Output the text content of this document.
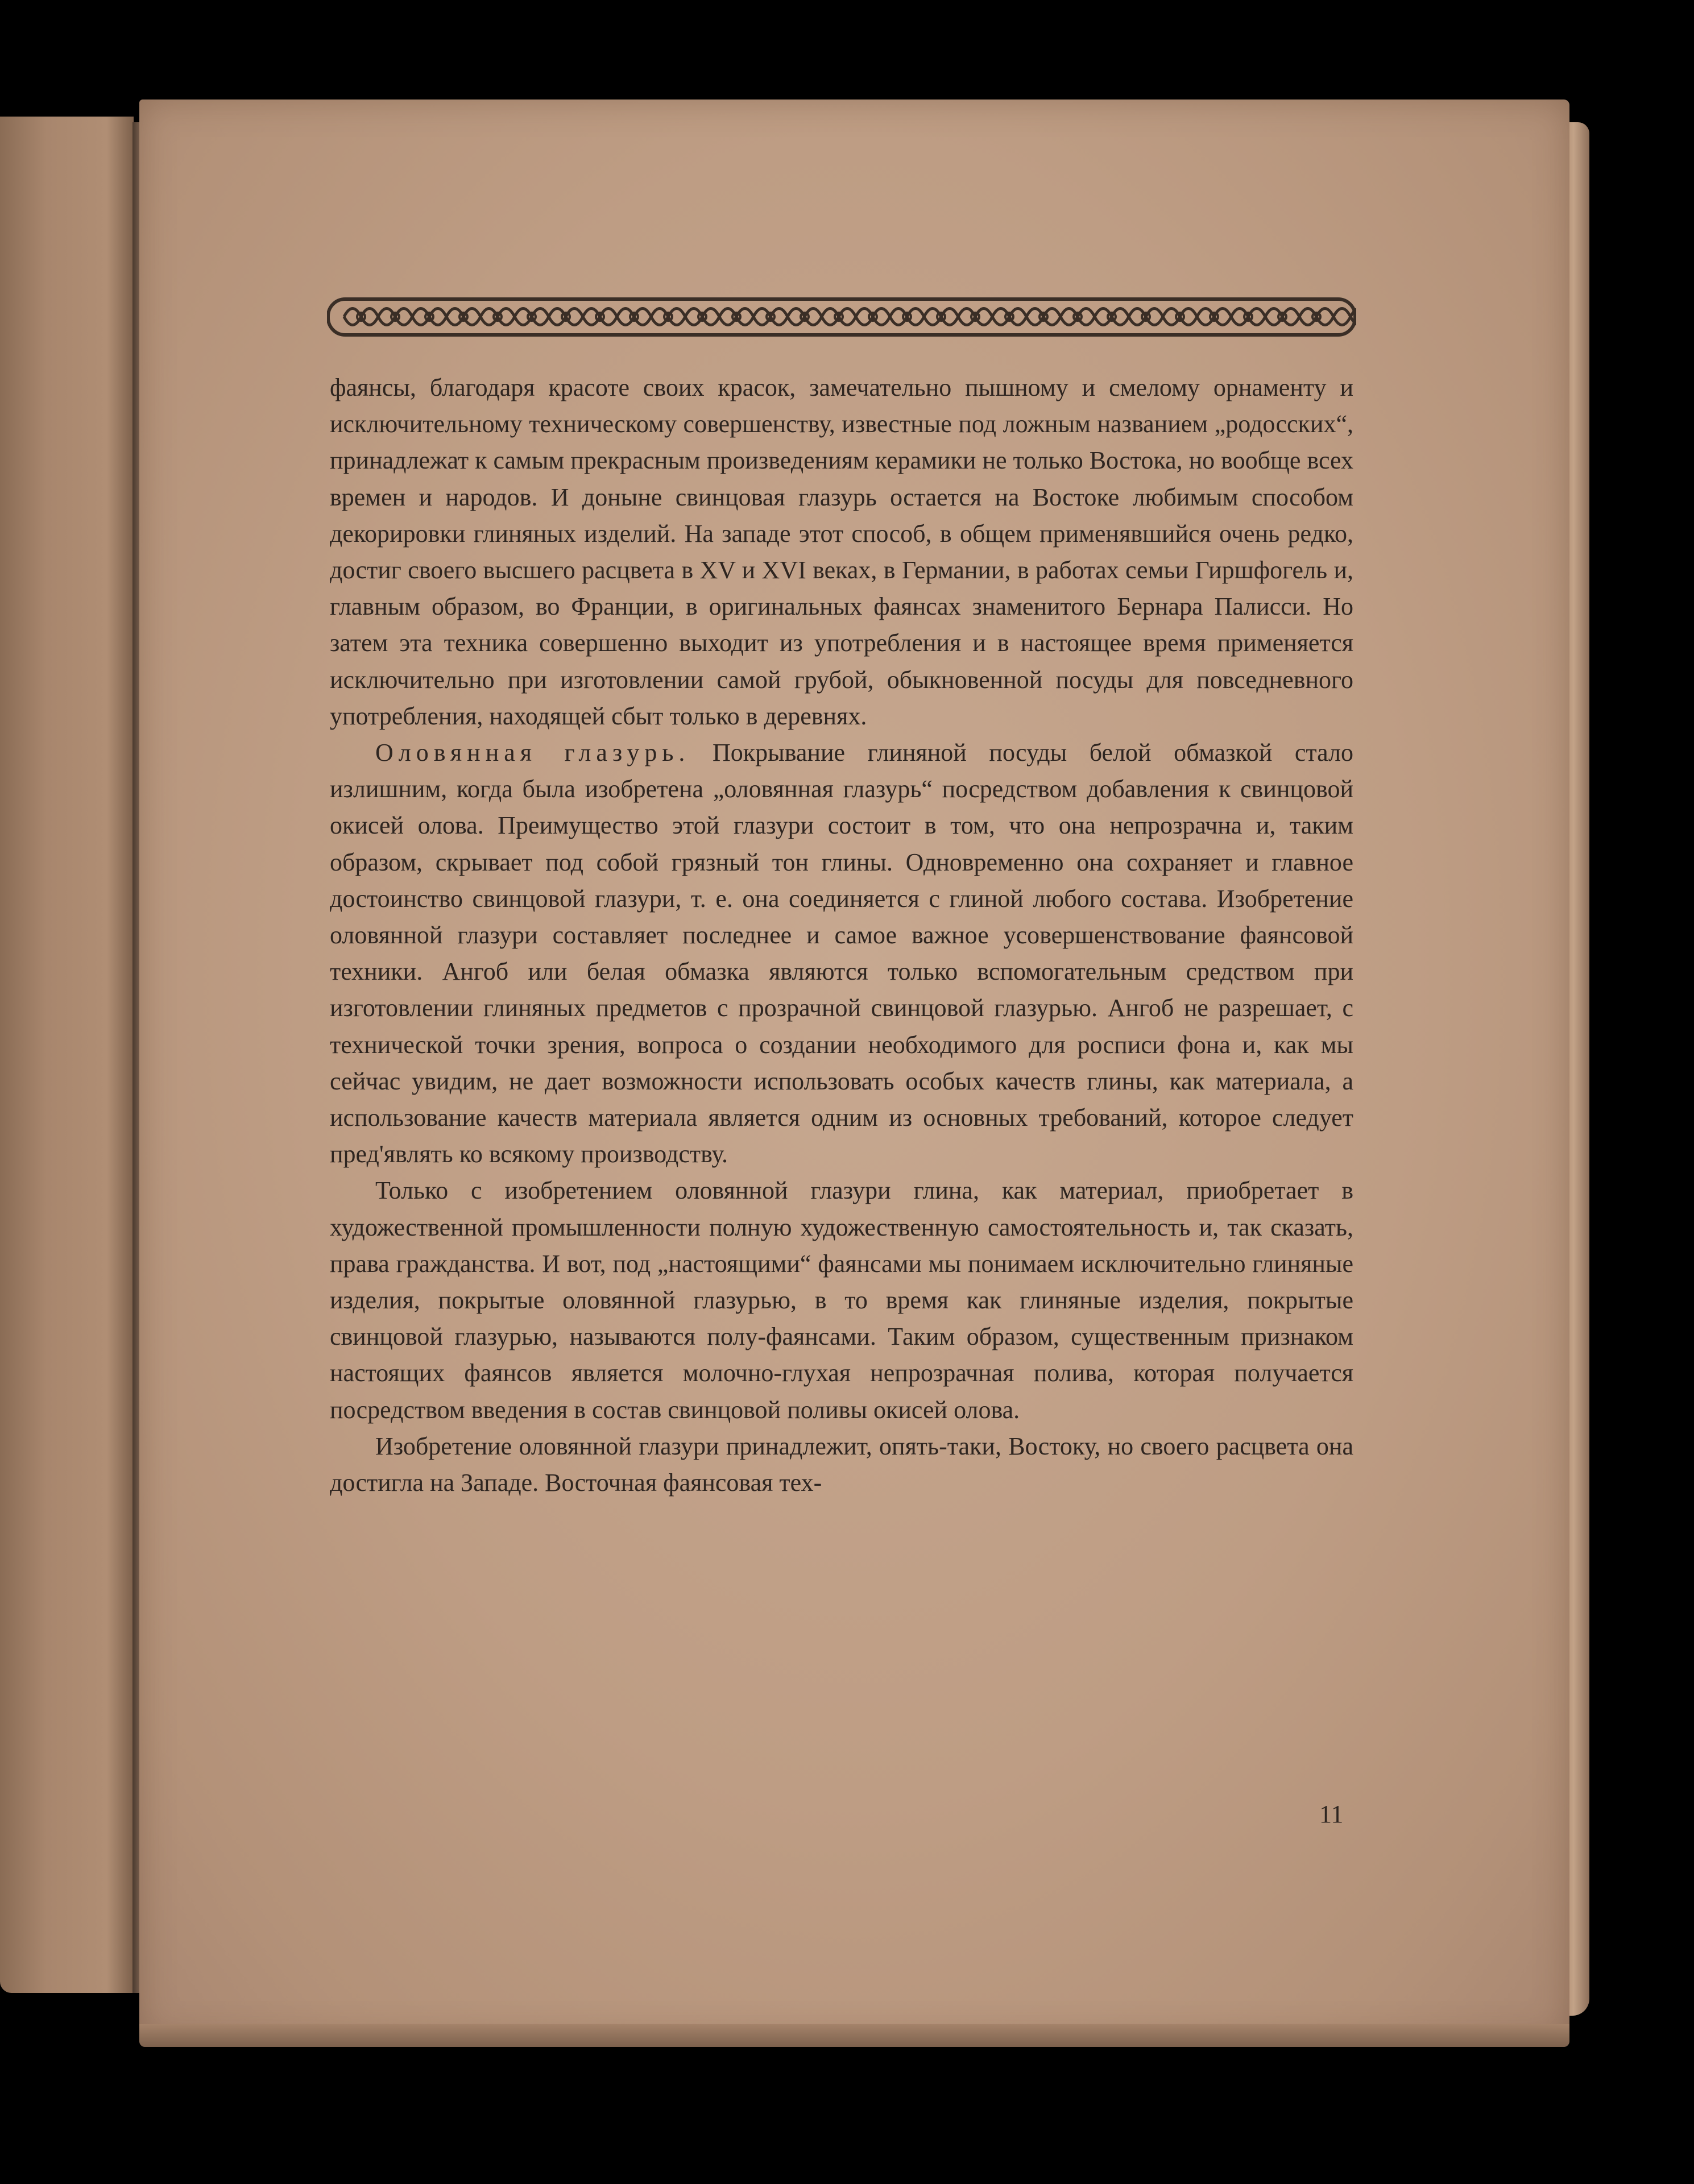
фаянсы, благодаря красоте своих красок, замечательно пышному и смелому орнаменту и исключительному техническому совершенству, известные под ложным названием „родосских“, принадлежат к самым прекрасным произведениям керамики не только Востока, но вообще всех времен и народов. И доныне свинцовая глазурь остается на Востоке любимым способом декорировки глиняных изделий. На западе этот способ, в общем применявшийся очень редко, достиг своего высшего расцвета в XV и XVI веках, в Германии, в работах семьи Гиршфогель и, главным образом, во Франции, в оригинальных фаянсах знаменитого Бернара Палисси. Но затем эта техника совершенно выходит из употребления и в настоящее время применяется исключительно при изготовлении самой грубой, обыкновенной посуды для повседневного употребления, находящей сбыт только в деревнях.

Оловянная глазурь. Покрывание глиняной посуды белой обмазкой стало излишним, когда была изобретена „оловянная глазурь“ посредством добавления к свинцовой окисей олова. Преимущество этой глазури состоит в том, что она непрозрачна и, таким образом, скрывает под собой грязный тон глины. Одновременно она сохраняет и главное достоинство свинцовой глазури, т. е. она соединяется с глиной любого состава. Изобретение оловянной глазури составляет последнее и самое важное усовершенствование фаянсовой техники. Ангоб или белая обмазка являются только вспомогательным средством при изготовлении глиняных предметов с прозрачной свинцовой глазурью. Ангоб не разрешает, с технической точки зрения, вопроса о создании необходимого для росписи фона и, как мы сейчас увидим, не дает возможности использовать особых качеств глины, как материала, а использование качеств материала является одним из основных требований, которое следует пред'являть ко всякому производству.

Только с изобретением оловянной глазури глина, как материал, приобретает в художественной промышленности полную художественную самостоятельность и, так сказать, права гражданства. И вот, под „настоящими“ фаянсами мы понимаем исключительно глиняные изделия, покрытые оловянной глазурью, в то время как глиняные изделия, покрытые свинцовой глазурью, называются полу-фаянсами. Таким образом, существенным признаком настоящих фаянсов является молочно-глухая непрозрачная полива, которая получается посредством введения в состав свинцовой поливы окисей олова.

Изобретение оловянной глазури принадлежит, опять-таки, Востоку, но своего расцвета она достигла на Западе. Восточная фаянсовая тех-

11
